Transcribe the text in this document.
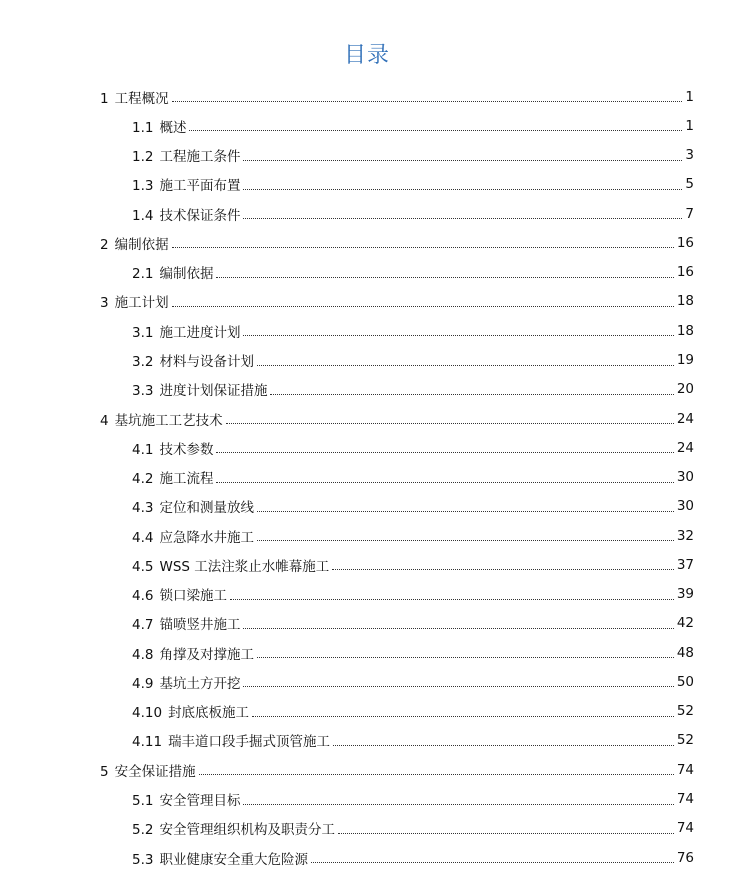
目录
1 工程概况	1
1.1 概述	1
1.2 工程施工条件	3
1.3 施工平面布置	5
1.4 技术保证条件	7
2 编制依据	16
2.1 编制依据	16
3 施工计划	18
3.1 施工进度计划	18
3.2 材料与设备计划	19
3.3 进度计划保证措施	20
4 基坑施工工艺技术	24
4.1 技术参数	24
4.2 施工流程	30
4.3 定位和测量放线	30
4.4 应急降水井施工	32
4.5 WSS 工法注浆止水帷幕施工	37
4.6 锁口梁施工	39
4.7 锚喷竖井施工	42
4.8 角撑及对撑施工	48
4.9 基坑土方开挖	50
4.10 封底底板施工	52
4.11 瑞丰道口段手掘式顶管施工	52
5 安全保证措施	74
5.1 安全管理目标	74
5.2 安全管理组织机构及职责分工	74
5.3 职业健康安全重大危险源	76
